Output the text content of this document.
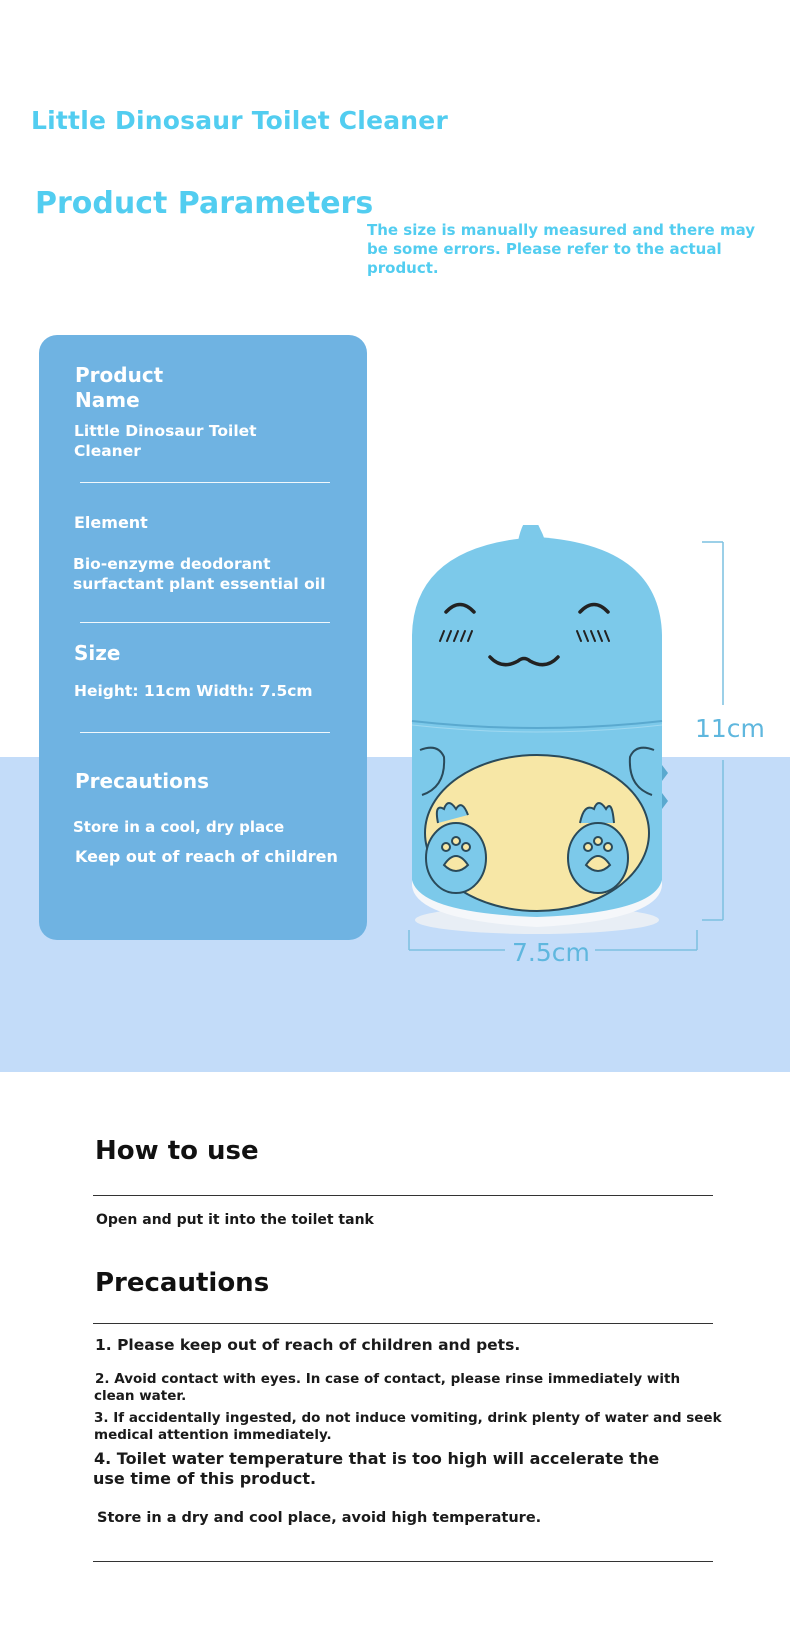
Little Dinosaur Toilet Cleaner
Product Parameters
The size is manually measured and there may be some errors. Please refer to the actual product.
Product
Name
Little Dinosaur Toilet
Cleaner
Element
Bio-enzyme deodorant
surfactant plant essential oil
Size
Height: 11cm Width: 7.5cm
Precautions
Store in a cool, dry place
Keep out of reach of children
11cm
7.5cm
How to use
Open and put it into the toilet tank
Precautions
1. Please keep out of reach of children and pets.
2. Avoid contact with eyes. In case of contact, please rinse immediately with
clean water.
3. If accidentally ingested, do not induce vomiting, drink plenty of water and seek
medical attention immediately.
4. Toilet water temperature that is too high will accelerate the
use time of this product.
Store in a dry and cool place, avoid high temperature.
